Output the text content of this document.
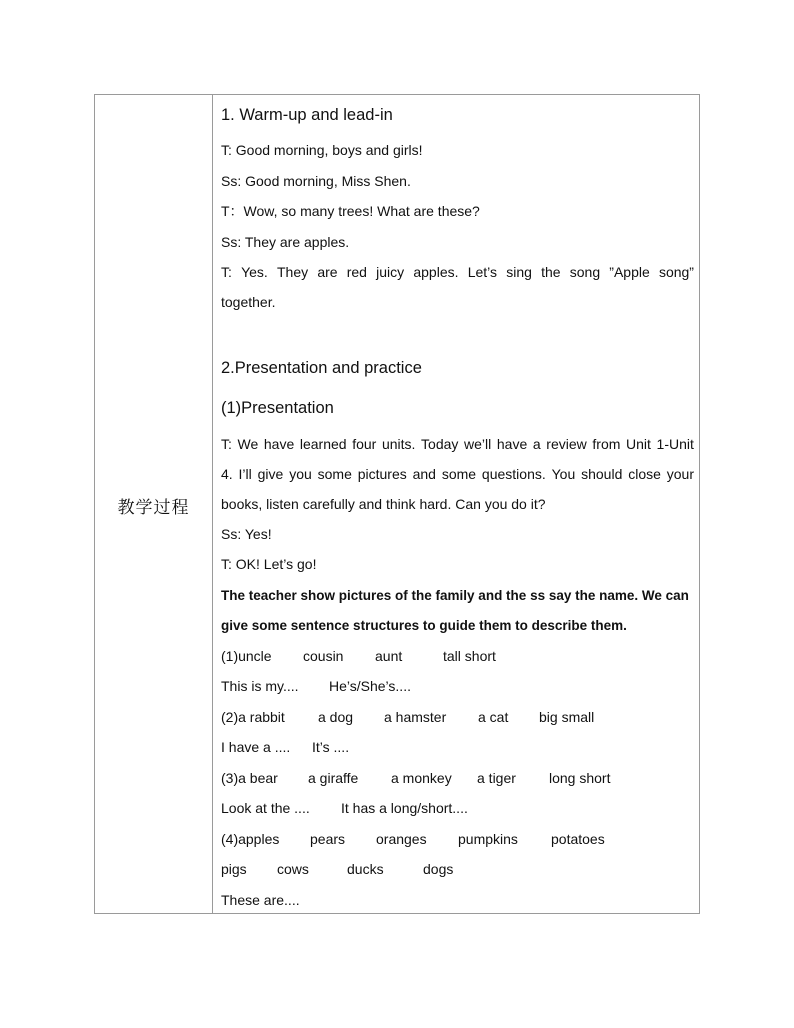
教学过程
1. Warm-up and lead-in
T: Good morning, boys and girls!
Ss: Good morning, Miss Shen.
T：Wow, so many trees! What are these?
Ss: They are apples.
T: Yes. They are red juicy apples. Let’s sing the song ”Apple song”
together.
2.Presentation and practice
(1)Presentation
T: We have learned four units. Today we’ll have a review from Unit 1-Unit
4. I’ll give you some pictures and some questions. You should close your
books, listen carefully and think hard. Can you do it?
Ss: Yes!
T: OK! Let’s go!
The teacher show pictures of the family and the ss say the name. We can
give some sentence structures to guide them to describe them.
(1)uncle cousin aunt	tall short
This is my.... He’s/She’s....
(2)a rabbit a dog a hamster a cat big small
I have a .... It’s ....
(3)a bear a giraffe a monkey a tiger long short
Look at the .... It has a long/short....
(4)apples pears oranges pumpkins potatoes
pigs cows	ducks	dogs
These are....
